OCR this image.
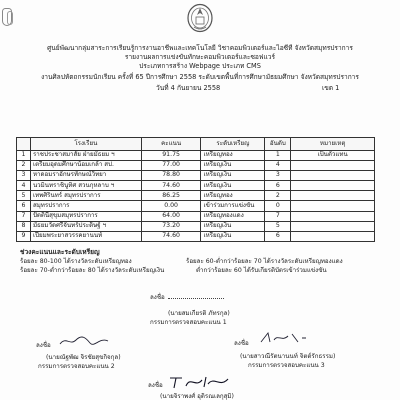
ศูนย์พัฒนากลุ่มสาระการเรียนรู้การงานอาชีพและเทคโนโลยี วิชาคอมพิวเตอร์และไอซีที จังหวัดสมุทรปราการ
รายงานผลการแข่งขันทักษะคอมพิวเตอร์และซอฟแวร์
ประเภทการสร้าง Webpage ประเภท CMS
งานศิลปหัตถกรรมนักเรียน ครั้งที่ 65 ปีการศึกษา 2558 ระดับเขตพื้นที่การศึกษามัธยมศึกษา จังหวัดสมุทรปราการ
วันที่ 4 กันยายน 2558	เขต 1
	โรงเรียน	คะแนน	ระดับเหรียญ	อันดับ	หมายเหตุ
1	ราชประชาสมาสัย ฝ่ายมัธยม ฯ	91.75	เหรียญทอง	1	เป็นตัวแทน
2	เตรียมอุดมศึกษาน้อมเกล้า สป.	77.00	เหรียญเงิน	4	
3	หาดอมราอักษรทักษณ์วิทยา	78.80	เหรียญเงิน	3	
4	นวมินทราชินูทิศ สวนกุหลาบ ฯ	74.60	เหรียญเงิน	6	
5	เทพศิรินทร์ สมุทรปราการ	86.25	เหรียญทอง	2	
6	สมุทรปราการ	0.00	เข้าร่วมการแข่งขัน	0	
7	ปัตตินีสุขุมสมุทรปราการ	64.00	เหรียญทองแดง	7	
8	มัธยมวัดศรีจันทร์ประดิษฐ์ ฯ	73.20	เหรียญเงิน	5	
9	เปี่ยมพระยาสวรรคยานนท์	74.60	เหรียญเงิน	6	
ช่วงคะแนนและระดับเหรียญ
ร้อยละ 80-100 ได้รางวัลระดับเหรียญทอง
ร้อยละ 70-ต่ำกว่าร้อยละ 80 ได้รางวัลระดับเหรียญเงิน
ร้อยละ 60-ต่ำกว่าร้อยละ 70 ได้รางวัลระดับเหรียญทองแดง
ต่ำกว่าร้อยละ 60 ได้รับเกียรติบัตรเข้าร่วมแข่งขัน
ลงชื่อ
(นายสมเกียรติ ภัทรกุล)
กรรมการตรวจสอบคะแนน 1
ลงชื่อ
(นายณัฐพัฒ จิรชัยสุขกิจกุล)
กรรมการตรวจสอบคะแนน 2
ลงชื่อ
(นายสาวณีรัตนานนท์ จิตต์รักธรรม)
กรรมการตรวจสอบคะแนน 3
ลงชื่อ
(นายจิราพงศ์ อุดิรณเลกุสุมิ)
